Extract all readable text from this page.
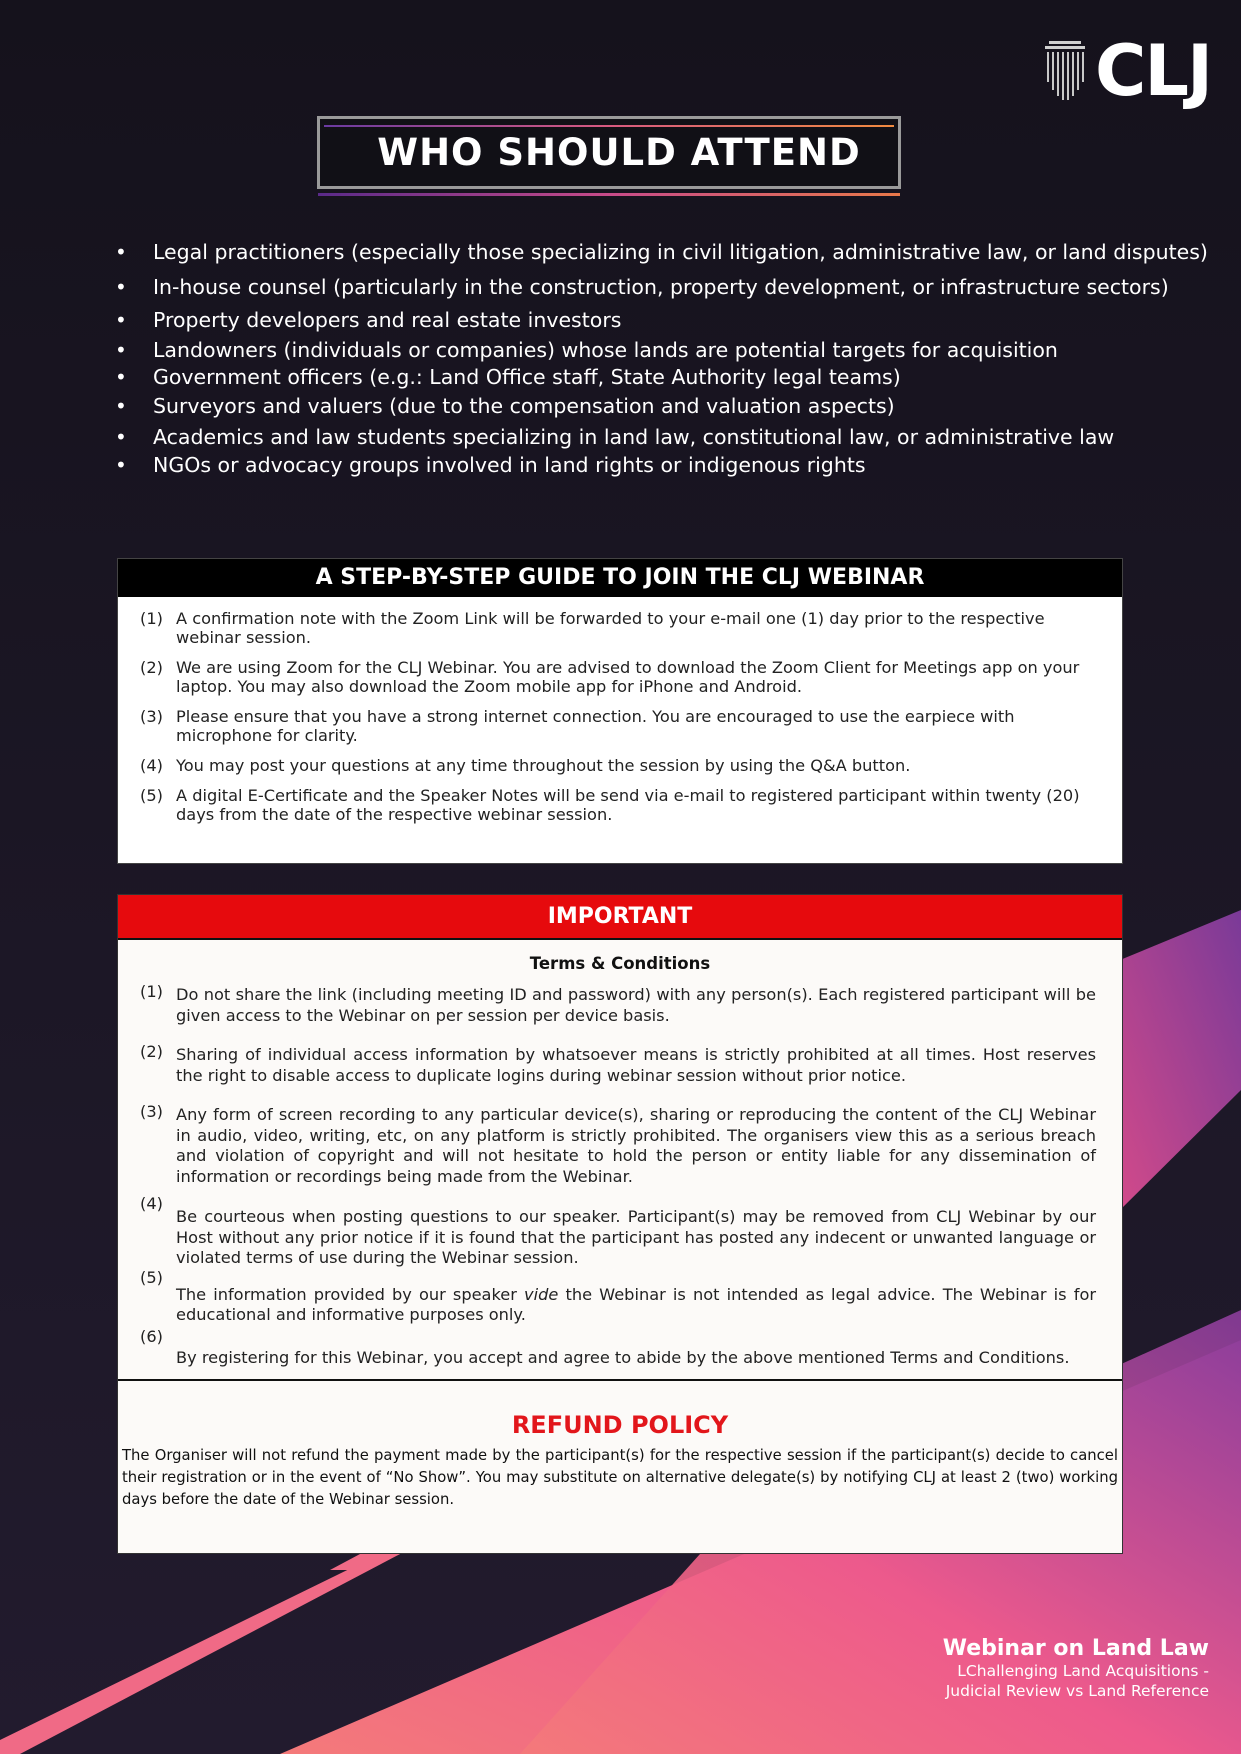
CLJ
WHO SHOULD ATTEND
• Legal practitioners (especially those specializing in civil litigation, administrative law, or land disputes)
• In-house counsel (particularly in the construction, property development, or infrastructure sectors)
• Property developers and real estate investors
• Landowners (individuals or companies) whose lands are potential targets for acquisition
• Government officers (e.g.: Land Office staff, State Authority legal teams)
• Surveyors and valuers (due to the compensation and valuation aspects)
• Academics and law students specializing in land law, constitutional law, or administrative law
• NGOs or advocacy groups involved in land rights or indigenous rights
A STEP-BY-STEP GUIDE TO JOIN THE CLJ WEBINAR
(1) A confirmation note with the Zoom Link will be forwarded to your e-mail one (1) day prior to the respective webinar session.
(2) We are using Zoom for the CLJ Webinar. You are advised to download the Zoom Client for Meetings app on your laptop. You may also download the Zoom mobile app for iPhone and Android.
(3) Please ensure that you have a strong internet connection. You are encouraged to use the earpiece with microphone for clarity.
(4) You may post your questions at any time throughout the session by using the Q&A button.
(5) A digital E-Certificate and the Speaker Notes will be send via e-mail to registered participant within twenty (20) days from the date of the respective webinar session.
IMPORTANT
Terms & Conditions
(1) Do not share the link (including meeting ID and password) with any person(s). Each registered participant will be given access to the Webinar on per session per device basis.
(2) Sharing of individual access information by whatsoever means is strictly prohibited at all times. Host reserves the right to disable access to duplicate logins during webinar session without prior notice.
(3) Any form of screen recording to any particular device(s), sharing or reproducing the content of the CLJ Webinar in audio, video, writing, etc, on any platform is strictly prohibited. The organisers view this as a serious breach and violation of copyright and will not hesitate to hold the person or entity liable for any dissemination of information or recordings being made from the Webinar.
(4)
Be courteous when posting questions to our speaker. Participant(s) may be removed from CLJ Webinar by our Host without any prior notice if it is found that the participant has posted any indecent or unwanted language or violated terms of use during the Webinar session.
(5)
The information provided by our speaker vide the Webinar is not intended as legal advice. The Webinar is for educational and informative purposes only.
(6)
By registering for this Webinar, you accept and agree to abide by the above mentioned Terms and Conditions.
REFUND POLICY
The Organiser will not refund the payment made by the participant(s) for the respective session if the participant(s) decide to cancel their registration or in the event of “No Show”. You may substitute on alternative delegate(s) by notifying CLJ at least 2 (two) working days before the date of the Webinar session.
Webinar on Land Law
LChallenging Land Acquisitions - Judicial Review vs Land Reference
